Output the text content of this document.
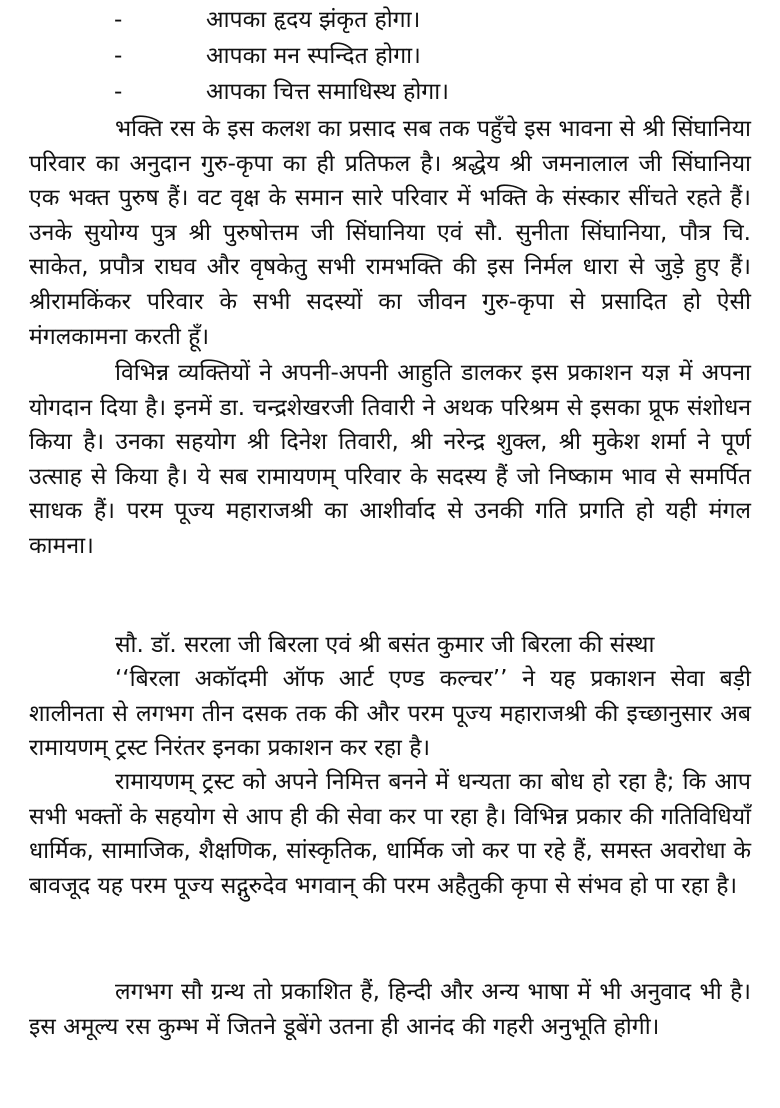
-	आपका हृदय झंकृत होगा।
-	आपका मन स्पन्दित होगा।
-	आपका चित्त समाधिस्थ होगा।

भक्ति रस के इस कलश का प्रसाद सब तक पहुँचे इस भावना से श्री सिंघानिया परिवार का अनुदान गुरु-कृपा का ही प्रतिफल है। श्रद्धेय श्री जमनालाल जी सिंघानिया एक भक्त पुरुष हैं। वट वृक्ष के समान सारे परिवार में भक्ति के संस्कार सींचते रहते हैं। उनके सुयोग्य पुत्र श्री पुरुषोत्तम जी सिंघानिया एवं सौ. सुनीता सिंघानिया, पौत्र चि. साकेत, प्रपौत्र राघव और वृषकेतु सभी रामभक्ति की इस निर्मल धारा से जुड़े हुए हैं। श्रीरामकिंकर परिवार के सभी सदस्यों का जीवन गुरु-कृपा से प्रसादित हो ऐसी मंगलकामना करती हूँ।

विभिन्न व्यक्तियों ने अपनी-अपनी आहुति डालकर इस प्रकाशन यज्ञ में अपना योगदान दिया है। इनमें डा. चन्द्रशेखरजी तिवारी ने अथक परिश्रम से इसका प्रूफ संशोधन किया है। उनका सहयोग श्री दिनेश तिवारी, श्री नरेन्द्र शुक्ल, श्री मुकेश शर्मा ने पूर्ण उत्साह से किया है। ये सब रामायणम् परिवार के सदस्य हैं जो निष्काम भाव से समर्पित साधक हैं। परम पूज्य महाराजश्री का आशीर्वाद से उनकी गति प्रगति हो यही मंगल कामना।

सौ. डॉ. सरला जी बिरला एवं श्री बसंत कुमार जी बिरला की संस्था

‘‘बिरला अकॉदमी ऑफ आर्ट एण्ड कल्चर’’ ने यह प्रकाशन सेवा बड़ी शालीनता से लगभग तीन दसक तक की और परम पूज्य महाराजश्री की इच्छानुसार अब रामायणम् ट्रस्ट निरंतर इनका प्रकाशन कर रहा है।

रामायणम् ट्रस्ट को अपने निमित्त बनने में धन्यता का बोध हो रहा है; कि आप सभी भक्तों के सहयोग से आप ही की सेवा कर पा रहा है। विभिन्न प्रकार की गतिविधियाँ धार्मिक, सामाजिक, शैक्षणिक, सांस्कृतिक, धार्मिक जो कर पा रहे हैं, समस्त अवरोधा के बावजूद यह परम पूज्य सद्गुरुदेव भगवान् की परम अहैतुकी कृपा से संभव हो पा रहा है।

लगभग सौ ग्रन्थ तो प्रकाशित हैं, हिन्दी और अन्य भाषा में भी अनुवाद भी है। इस अमूल्य रस कुम्भ में जितने डूबेंगे उतना ही आनंद की गहरी अनुभूति होगी।
